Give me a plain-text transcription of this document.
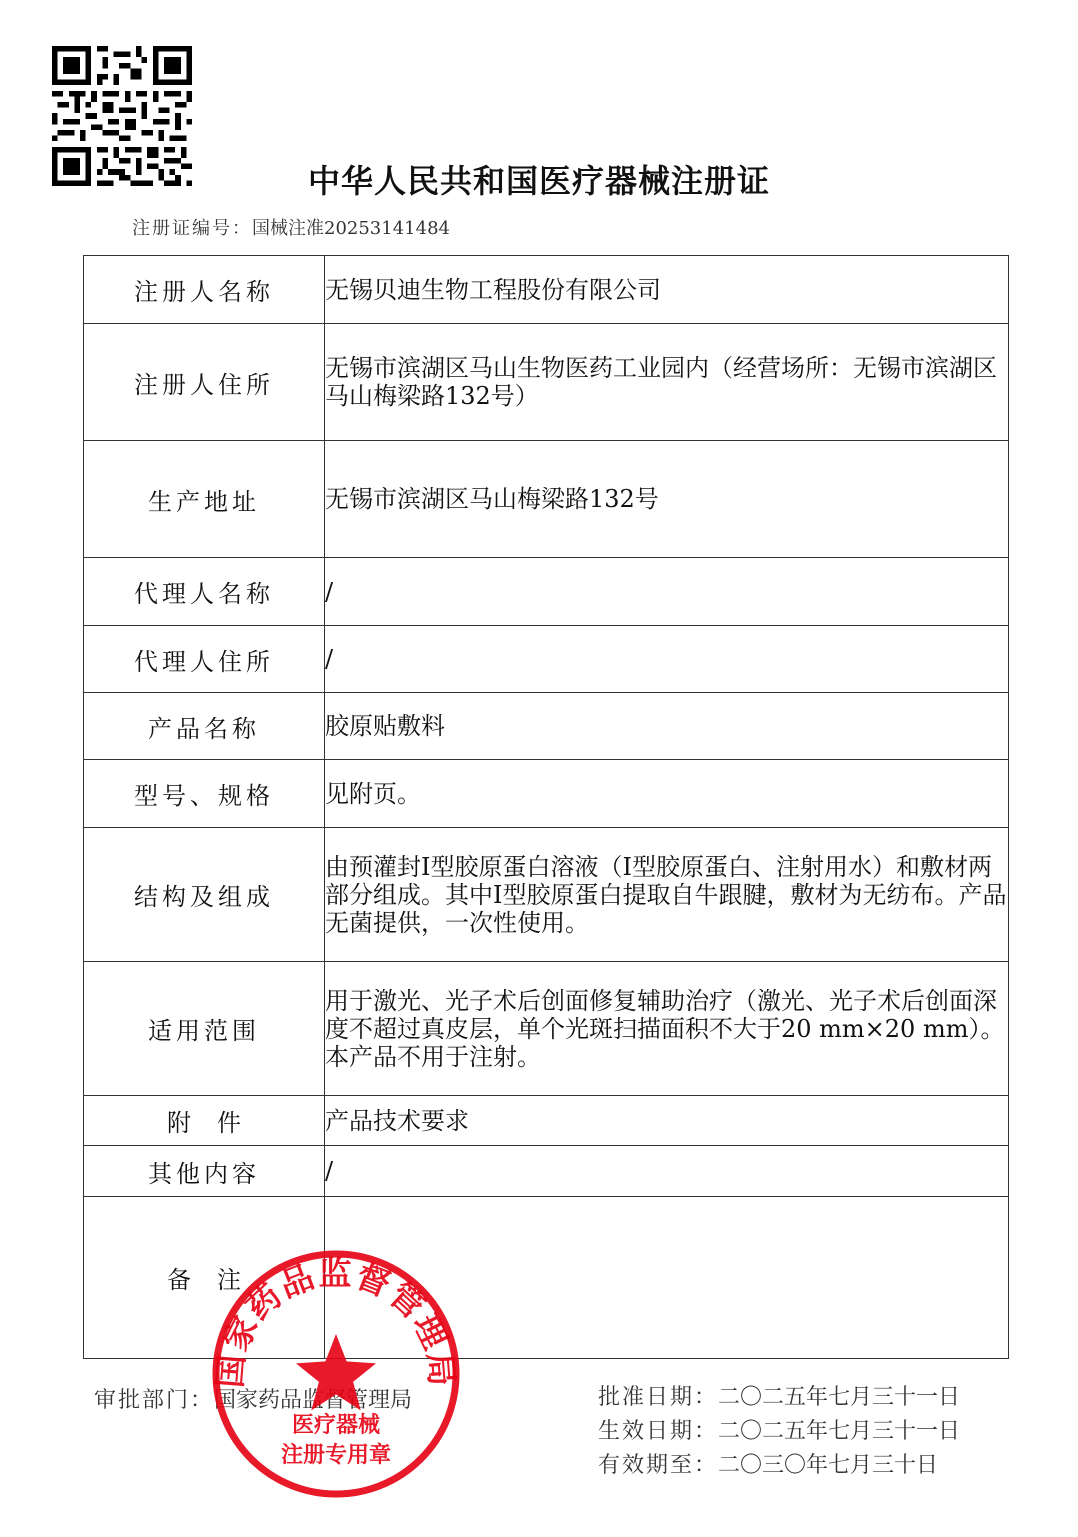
中华人民共和国医疗器械注册证
注册证编号：国械注准20253141484
注册人名称	无锡贝迪生物工程股份有限公司
注册人住所	无锡市滨湖区马山生物医药工业园内（经营场所：无锡市滨湖区马山梅梁路132号）
生产地址	无锡市滨湖区马山梅梁路132号
代理人名称	/
代理人住所	/
产品名称	胶原贴敷料
型号、规格	见附页。
结构及组成	由预灌封Ⅰ型胶原蛋白溶液（Ⅰ型胶原蛋白、注射用水）和敷材两部分组成。其中Ⅰ型胶原蛋白提取自牛跟腱，敷材为无纺布。产品无菌提供，一次性使用。
适用范围	用于激光、光子术后创面修复辅助治疗（激光、光子术后创面深度不超过真皮层，单个光斑扫描面积不大于20 mm×20 mm）。本产品不用于注射。
附件	产品技术要求
其他内容	/
备注	
审批部门：国家药品监督管理局	批准日期：二〇二五年七月三十一日
生效日期：二〇二五年七月三十一日
有效期至：二〇三〇年七月三十日
国家药品监督管理局
医疗器械
注册专用章
